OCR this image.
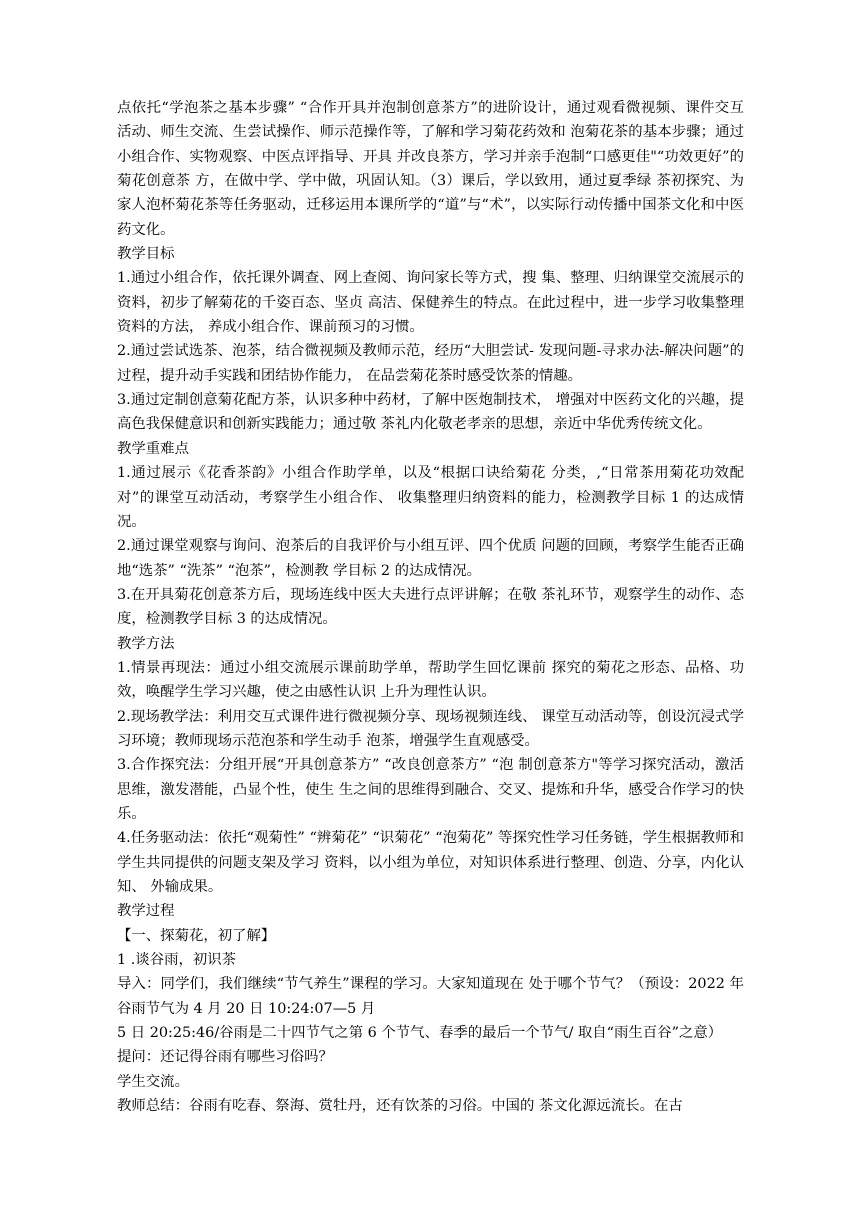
点依托“学泡茶之基本步骤” “合作开具并泡制创意茶方”的进阶设计，通过观看微视频、课件交互 活动、师生交流、生尝试操作、师示范操作等，了解和学习菊花药效和 泡菊花茶的基本步骤；通过小组合作、实物观察、中医点评指导、开具 并改良茶方，学习并亲手泡制“口感更佳"“功效更好”的菊花创意茶 方，在做中学、学中做，巩固认知。（3）课后，学以致用，通过夏季绿 茶初探究、为家人泡杯菊花茶等任务驱动，迁移运用本课所学的“道”与“术”，以实际行动传播中国茶文化和中医药文化。

教学目标

1.通过小组合作，依托课外调查、网上查阅、询问家长等方式，搜 集、整理、归纳课堂交流展示的资料，初步了解菊花的千姿百态、坚贞 高洁、保健养生的特点。在此过程中，进一步学习收集整理资料的方法， 养成小组合作、课前预习的习惯。

2.通过尝试选茶、泡茶，结合微视频及教师示范，经历“大胆尝试- 发现问题-寻求办法-解决问题”的过程，提升动手实践和团结协作能力， 在品尝菊花茶时感受饮茶的情趣。

3.通过定制创意菊花配方茶，认识多种中药材，了解中医炮制技术， 增强对中医药文化的兴趣，提高色我保健意识和创新实践能力；通过敬 茶礼内化敬老孝亲的思想，亲近中华优秀传统文化。

教学重难点

1.通过展示《花香茶韵》小组合作助学单，以及“根据口诀给菊花 分类，,“日常茶用菊花功效配对”的课堂互动活动，考察学生小组合作、 收集整理归纳资料的能力，检测教学目标 1 的达成情况。

2.通过课堂观察与询问、泡茶后的自我评价与小组互评、四个优质 问题的回顾，考察学生能否正确地“选茶” “洗茶” “泡茶”，检测教 学目标 2 的达成情况。

3.在开具菊花创意茶方后，现场连线中医大夫进行点评讲解；在敬 茶礼环节，观察学生的动作、态度，检测教学目标 3 的达成情况。

教学方法

1.情景再现法：通过小组交流展示课前助学单，帮助学生回忆课前 探究的菊花之形态、品格、功效，唤醒学生学习兴趣，使之由感性认识 上升为理性认识。

2.现场教学法：利用交互式课件进行微视频分享、现场视频连线、 课堂互动活动等，创设沉浸式学习环境；教师现场示范泡茶和学生动手 泡茶，增强学生直观感受。

3.合作探究法：分组开展“开具创意茶方” “改良创意茶方” “泡 制创意茶方"等学习探究活动，激活思维，激发潜能，凸显个性，使生 生之间的思维得到融合、交叉、提炼和升华，感受合作学习的快乐。

4.任务驱动法：依托“观菊性” “辨菊花” “识菊花” “泡菊花” 等探究性学习任务链，学生根据教师和学生共同提供的问题支架及学习 资料，以小组为单位，对知识体系进行整理、创造、分享，内化认知、 外输成果。

教学过程

【一、探菊花，初了解】

1 .谈谷雨，初识茶

导入：同学们，我们继续“节气养生”课程的学习。大家知道现在 处于哪个节气？（预设：2022 年谷雨节气为 4 月 20 日 10:24:07—5 月

5 日 20:25:46/谷雨是二十四节气之第 6 个节气、春季的最后一个节气/ 取自“雨生百谷”之意）

提问：还记得谷雨有哪些习俗吗？

学生交流。

教师总结：谷雨有吃春、祭海、赏牡丹，还有饮茶的习俗。中国的 茶文化源远流长。在古
